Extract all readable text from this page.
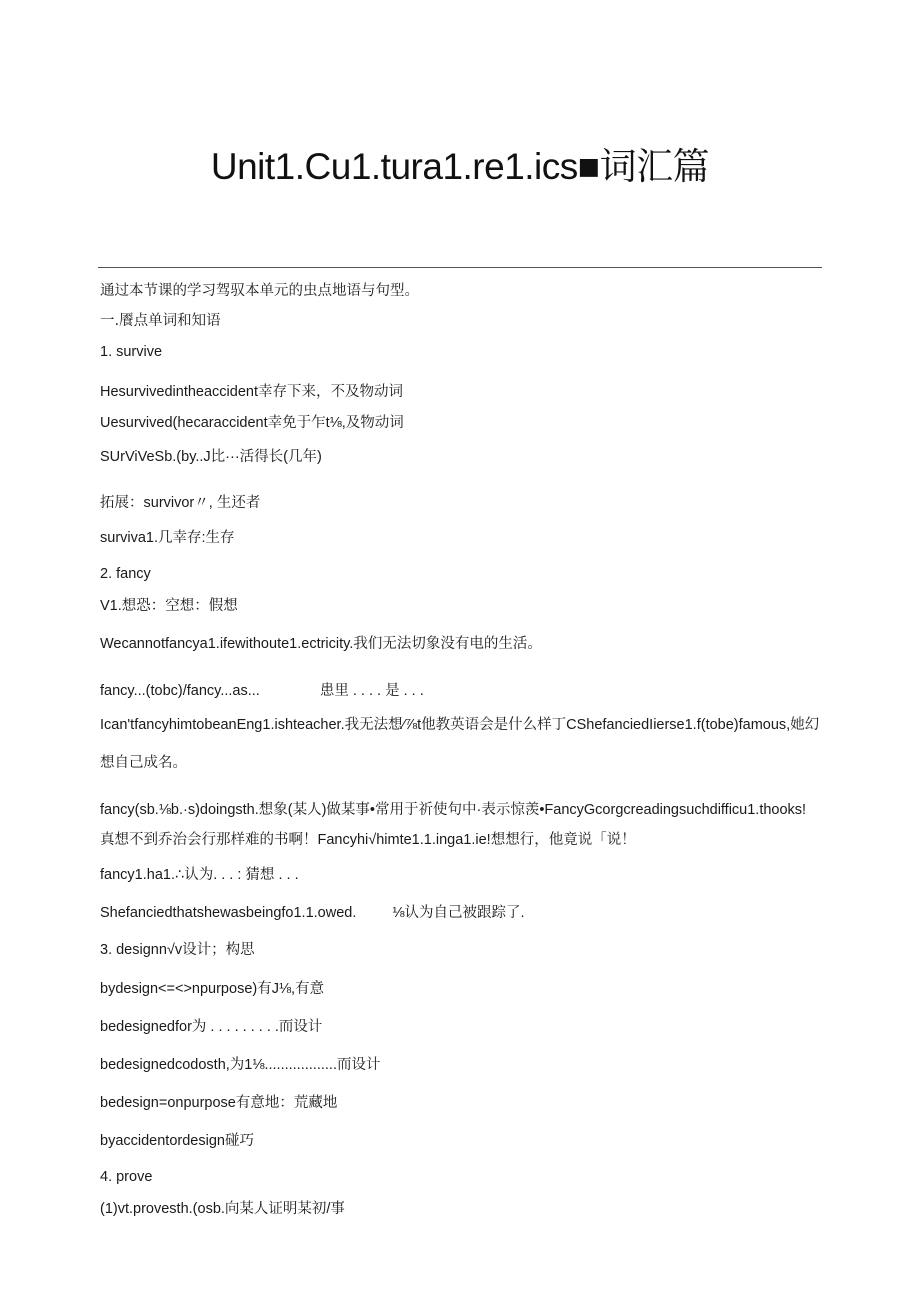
Unit1.Cu1.tura1.re1.ics■词汇篇
通过本节课的学习驾驭本单元的虫点地语与句型。
一.餍点单词和知语
1. survive
Hesurvivedintheaccident幸存下来，不及物动词
Uesurvived(hecaraccident幸免于乍t⅛,及物动词
SUrViVeSb.(by..J比···活得长(几年)
拓展：survivor〃, 生还者
surviva1.几幸存:生存
2. fancy
V1.想恐：空想：假想
Wecannotfancya1.ifewithoute1.ectricity.我们无法切象没有电的生活。
fancy...(tobc)/fancy...as...	患里 . . . . 是 . . .
Ican'tfancyhimtobeanEng1.ishteacher.我无法想∕⅞t他教英语会是什么样丁CShefanciedIierse1.f(tobe)famous,她幻
想自己成名。
fancy(sb.⅛b.·s)doingsth.想象(某人)做某事•常用于祈使句中·表示惊羡•FancyGcorgcreadingsuchdifficu1.thooks!
真想不到乔治会行那样难的书啊！Fancyhi√himte1.1.inga1.ie!想想行，他竟说「说！
fancy1.ha1.∴认为. . . : 猜想 . . .
Shefanciedthatshewasbeingfo1.1.owed. ⅛认为自己被跟踪了.
3. designn√v设计；构思
bydesign<=<>npurpose)有J⅛,有意
bedesignedfor为 . . . . . . . . .而设计
bedesignedcodosth,为1⅛..................而设计
bedesign=onpurpose有意地：荒藏地
byaccidentordesign碰巧
4. prove
(1)vt.provesth.(osb.向某人证明某初/事
